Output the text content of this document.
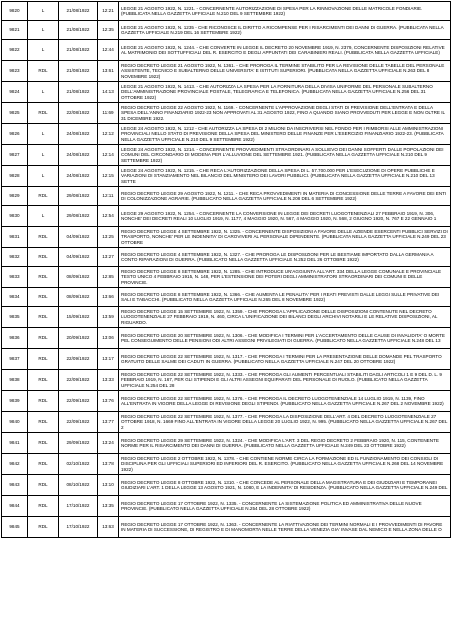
9820	L	21/08/1922	12:21	LEGGE 21 AGOSTO 1922, N. 1221. - CONCERNENTE AUTORIZZAZIONE DI SPESA PER LA RINNOVAZIONE DELLE MATRICOLE FONDIARIE. (PUBBLICATA NELLA GAZZETTA UFFICIALE N.210 DEL 9 SETTEMBRE 1922)

9821	L	21/08/1922	12:35	LEGGE 21 AGOSTO 1922, N. 1235 - CHE RICONOSCE IL DIRITTO A RICOMPENSE PER I RISARCIMENTI DEI DANNI DI GUERRA. (PUBBLICATA NELLA GAZZETTA UFFICIALE N.219 DEL 16 SETTEMBRE 1922)

9822	L	21/08/1922	12:44	LEGGE 21 AGOSTO 1922, N. 1244. - CHE CONVERTE IN LEGGE IL DECRETO 20 NOVEMBRE 1919, N. 2379, CONCERNENTE DISPOSIZIONI RELATIVE AL MATRIMONIO DEI SOTTUFFICIALI DEL R. ESERCITO E DEGLI APPUNTATI DEI CARABINIERI REALI. (PUBBLICATA NELLA GAZZETTA UFFICIALE)

9823	RDL	21/08/1922	13:61	REGIO DECRETO LEGGE 21 AGOSTO 1922, N. 1361. - CHE PROROGA IL TERMINE STABILITO PER LA REVISIONE DELLE TABELLE DEL PERSONALE ASSISTENTE, TECNICO E SUBALTERNO DELLE UNIVERSITA' E ISTITUTI SUPERIORI. (PUBBLICATA NELLA GAZZETTA UFFICIALE N.263 DEL 8 NOVEMBRE 1922)

9824	L	21/08/1922	14:13	LEGGE 21 AGOSTO 1922, N. 1413. - CHE AUTORIZZA LA SPESA PER LA FORNITURA DELLA DIVISA UNIFORME DEL PERSONALE SUBALTERNO DELL'AMMINISTRAZIONE PROVINCIALE POSTALE, TELEGRAFICA E TELEFONICA. (PUBBLICATA NELLA GAZZETTA UFFICIALE N.256 DEL 31 OTTOBRE 1922)

9825	RDL	22/08/1922	11:69	REGIO DECRETO LEGGE 22 AGOSTO 1922, N. 1169. - CONCERNENTE L'APPROVAZIONE DEGLI STATI DI PREVISIONE DELL'ENTRATA E DELLA SPESA DELL'ANNO FINANZIARIO 1922-23 NON APPROVATI AL 31 AGOSTO 1922, FINO A QUANDO SIANO PROVVEDUTI PER LEGGE E NON OLTRE IL 31 DICEMBRE 1922.

9826	L	24/08/1922	12:12	LEGGE 24 AGOSTO 1922, N. 1212 - CHE AUTORIZZA LA SPESA DI 2 MILIONI DA INSCRIVERSI NEL FONDO PER I RIMBORSI ALLE AMMINISTRAZIONI PROVINCIALI NELLO STATO DI PREVISIONE DELLA SPESA DEL MINISTERO DELLE FINANZE PER L'ESERCIZIO FINANZIARIO 1922-23. (PUBBLICATA NELLA GAZZETTA UFFICIALE N.210 DEL 9 SETTEMBRE 1922)

9827	L	24/08/1922	12:14	LEGGE 24 AGOSTO 1922, N. 1214. - CONCERNENTE PROVVEDIMENTI STRAORDINARI A SOLLIEVO DEI DANNI SOFFERTI DALLE POPOLAZIONI DEI COMUNI DEL CIRCONDARIO DI MODENA PER L'ALLUVIONE DEL SETTEMBRE 1921. (PUBBLICATA NELLA GAZZETTA UFFICIALE N.210 DEL 9 SETTEMBRE 1922)

9828	L	24/08/1922	12:15	LEGGE 24 AGOSTO 1922, N. 1215. - CHE RECA L'AUTORIZZAZIONE DELLA SPESA DI L. 57.700.000 PER L'ESECUZIONE DI OPERE PUBBLICHE E VARIAZIONI DI STANZIAMENTO NEL BILANCIO DEL MINISTERO DEI LAVORI PUBBLICI. (PUBBLICATA NELLA GAZZETTA UFFICIALE N.210 DEL 13 SETTE

9829	RDL	29/08/1922	12:11	REGIO DECRETO LEGGE 29 AGOSTO 1922, N. 1211. - CHE RECA PROVVEDIMENTI IN MATERIA DI CONCESSIONE DELLE TERRE A FAVORE DEI ENTI DI COLONIZZAZIONE AGRARIE. (PUBBLICATO NELLA GAZZETTA UFFICIALE N.208 DEL 6 SETTEMBRE 1922)

9830	L	29/08/1922	12:54	LEGGE 29 AGOSTO 1922, N. 1254. - CONCERNENTE LA CONVERSIONE IN LEGGE DEI DECRETI LUOGOTENENZIALI 27 FEBBRAIO 1919, N. 306, NONCHE' DEI DECRETI REALI 10 LUGLIO 1919, N. 1177, 4 MAGGIO 1920, N. 567, 4 MAGGIO 1920, N. 568, 2 GIUGNO 1920, N. 767 E 22 GENNAIO 1

9831	RDL	04/09/1922	13:25	REGIO DECRETO LEGGE 4 SETTEMBRE 1922, N. 1325. - CONCERNENTE DISPOSIZIONI A FAVORE DELLE AZIENDE ESERCENTI PUBBLICI SERVIZI DI TRASPORTO, NONCHE' PER LE INDENNITA' DI CAROVIVERI AL PERSONALE DIPENDENTE. (PUBBLICATA NELLA GAZZETTA UFFICIALE N.249 DEL 23 OTTOBRE

9832	RDL	04/09/1922	13:27	REGIO DECRETO LEGGE 4 SETTEMBRE 1922, N. 1327. - CHE PROROGA LE DISPOSIZIONI PER LE BESTIAME IMPORTATO DALLA GERMANIA A CONTO RIPARAZIONI DI GUERRA. (PUBBLICATO NELLA GAZZETTA UFFICIALE N.252 DEL 26 OTTOBRE 1922)

9833	RDL	08/09/1922	12:85	REGIO DECRETO LEGGE 8 SETTEMBRE 1922, N. 1285. - CHE INTRODUCE UN'AGGIUNTA ALL'ART. 334 DELLA LEGGE COMUNALE E PROVINCIALE TESTO UNICO 4 FEBBRAIO 1915, N. 148, PER L'ESTENSIONE DEI POTERI DEGLI AMMINISTRATORI STRAORDINARI DEI COMUNI E DELLE PROVINCIE.

9834	RDL	08/09/1922	13:66	REGIO DECRETO LEGGE 8 SETTEMBRE 1922, N. 1366. - CHE AUMENTA LE PENALITA' PER I REATI PREVISTI DALLE LEGGI SULLE PRIVATIVE DEI SALI E TABACCHI. (PUBBLICATO NELLA GAZZETTA UFFICIALE N.265 DEL 8 NOVEMBRE 1922)

9835	RDL	15/09/1922	13:59	REGIO DECRETO LEGGE 15 SETTEMBRE 1922, N. 1359. - CHE PROROGA L'APPLICAZIONE DELLE DISPOSIZIONI CONTENUTE NEL DECRETO LUOGOTENENZIALE 27 FEBBRAIO 1919, N. 460, CIRCA L'UNIFICAZIONE DEI BILANCI DEGLI ARCHIVI NOTARILI E LE RELATIVE DISPOSIZIONI, AL RIGUARDO.

9836	RDL	20/09/1922	13:06	REGIO DECRETO LEGGE 20 SETTEMBRE 1922, N. 1306. - CHE MODIFICA I TERMINI PER L'ACCERTAMENTO DELLE CAUSE DI INVALIDITA' O MORTE PEL CONSEGUIMENTO DELLE PENSIONI ODI ALTRI ASSEGNI PRIVILEGIATI DI GUERRA. (PUBBLICATO NELLA GAZZETTA UFFICIALE N.248 DEL 13

9837	RDL	22/09/1922	13:17	REGIO DECRETO LEGGE 22 SETTEMBRE 1922, N. 1317. - CHE PROROGA I TERMINI PER LA PRESENTAZIONE DELLE DOMANDE PEL TRASPORTO GRATUITO DELLE SALME DEI CADUTI IN GUERRA. (PUBBLICATO NELLA GAZZETTA UFFICIALE N.247 DEL 20 OTTOBRE 1922)

9838	RDL	22/09/1922	13:33	REGIO DECRETO LEGGE 22 SETTEMBRE 1922, N. 1333. - CHE PROROGA GLI AUMENTI PERCENTUALI STABILITI DAGLI ARTICOLI 1 E 9 DEL D. L. 9 FEBBRAIO 1919, N. 167, PER GLI STIPENDI E GLI ALTRI ASSEGNI EQUIPARATI DEL PERSONALE DI RUOLO. (PUBBLICATO NELLA GAZZETTA UFFICIALE N.254 DEL 28

9839	RDL	22/09/1922	13:76	REGIO DECRETO LEGGE 22 SETTEMBRE 1922, N. 1376. - CHE PROROGA IL DECRETO LUOGOTENENZIALE 14 LUGLIO 1919, N. 1139, FINO ALL'ENTRATA IN VIGORE DELLA LEGGE DI REVISIONE DEGLI STIPENDI. (PUBBLICATO NELLA GAZZETTA UFFICIALE N.267 DEL 2 NOVEMBRE 1922)

9840	RDL	22/09/1922	13:77	REGIO DECRETO LEGGE 22 SETTEMBRE 1922, N. 1377. - CHE PROROGA LA DISPOSIZIONE DELL'ART. 4 DEL DECRETO LUOGOTENENZIALE 27 OTTOBRE 1918, N. 1669 FINO ALL'ENTRATA IN VIGORE DELLA LEGGE 20 LUGLIO 1922, N. 995. (PUBBLICATO NELLA GAZZETTA UFFICIALE N.267 DEL 2

9841	RDL	29/09/1922	13:24	REGIO DECRETO LEGGE 29 SETTEMBRE 1922, N. 1324. - CHE MODIFICA L'ART. 3 DEL REGIO DECRETO 2 FEBBRAIO 1920, N. 115, CONTENENTE NORME PER IL RISARCIMENTO DEI DANNI DI GUERRA. (PUBBLICATO NELLA GAZZETTA UFFICIALE N.249 DEL 23 OTTOBRE 1922)

9842	RDL	02/10/1922	13:78	REGIO DECRETO LEGGE 2 OTTOBRE 1922, N. 1378. - CHE CONTIENE NORME CIRCA LA FORMAZIONE ED IL FUNZIONAMENTO DEI CONSIGLI DI DISCIPLINA PER GLI UFFICIALI SUPERIORI ED INFERIORI DEL R. ESERCITO. (PUBBLICATO NELLA GAZZETTA UFFICIALE N.268 DEL 14 NOVEMBRE 1922)

9843	RDL	08/10/1922	13:10	REGIO DECRETO LEGGE 8 OTTOBRE 1922, N. 1310. - CHE CONCEDE AL PERSONALE DELLA MAGISTRATURA E DEI GIUDIZIARI E TEMPORANEI GIUDIZIARI L'ART. 1 DELLA LEGGE 13 AGOSTO 1921, N. 1080, E LA INDENNITA' DI RESIDENZA. (PUBBLICATO NELLA GAZZETTA UFFICIALE N.249 DEL

9844	RDL	17/10/1922	13:35	REGIO DECRETO LEGGE 17 OTTOBRE 1922, N. 1335. - CONCERNENTE LA SISTEMAZIONE POLITICA ED AMMINISTRATIVA DELLE NUOVE PROVINCIE. (PUBBLICATO NELLA GAZZETTA UFFICIALE N.254 DEL 28 OTTOBRE 1922)

9845	RDL	17/10/1922	13:63	REGIO DECRETO LEGGE 17 OTTOBRE 1922, N. 1363. - CONCERNENTE LA RIATTIVAZIONE DEI TERMINI NORMALI E I PROVVEDIMENTI DI PAVORE IN MATERIA DI SUCCESSIONE, DI REGISTRO E DI MANOMORTA NELLE TERRE DELLA VENEZIA GIA' INVASE DAL NEMICO E NELLA ZONA DELLE O
